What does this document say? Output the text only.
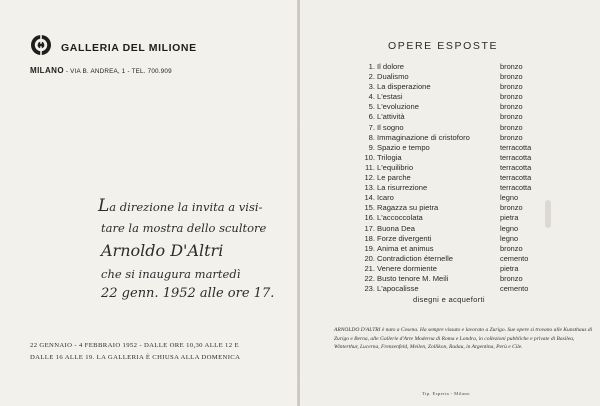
GALLERIA DEL MILIONE
MILANO - VIA B. ANDREA, 1 - TEL. 700.909
La direzione la invita a visi-
tare la mostra dello scultore
Arnoldo D'Altri
che si inaugura martedì
22 genn. 1952 alle ore 17.
22 GENNAIO - 4 FEBBRAIO 1952 - DALLE ORE 10,30 ALLE 12 E
DALLE 16 ALLE 19. LA GALLERIA È CHIUSA ALLA DOMENICA
OPERE ESPOSTE
1. Il dolore	bronzo
2. Dualismo	bronzo
3. La disperazione	bronzo
4. L'estasi	bronzo
5. L'evoluzione	bronzo
6. L'attività	bronzo
7. Il sogno	bronzo
8. Immaginazione di cristoforo	bronzo
9. Spazio e tempo	terracotta
10. Trilogia	terracotta
11. L'equilibrio	terracotta
12. Le parche	terracotta
13. La risurrezione	terracotta
14. Icaro	legno
15. Ragazza su pietra	bronzo
16. L'accoccolata	pietra
17. Buona Dea	legno
18. Forze divergenti	legno
19. Anima et animus	bronzo
20. Contradiction éternelle	cemento
21. Venere dormiente	pietra
22. Busto tenore M. Meili	bronzo
23. L'apocalisse	cemento
disegni e acqueforti
ARNOLDO D'ALTRI è nato a Cesena. Ha sempre vissuto e lavorato a Zurigo. Sue opere si trovano alle Kunsthaus di Zurigo e Berna, alle Gallerie d'Arte Moderna di Roma e Londra, in collezioni pubbliche e private di Basilea, Winterthur, Lucerna, Frenzenfeld, Meilen, Zollikon, Radau, in Argentina, Perù e Cile.
Tip. Esperia - Milano
